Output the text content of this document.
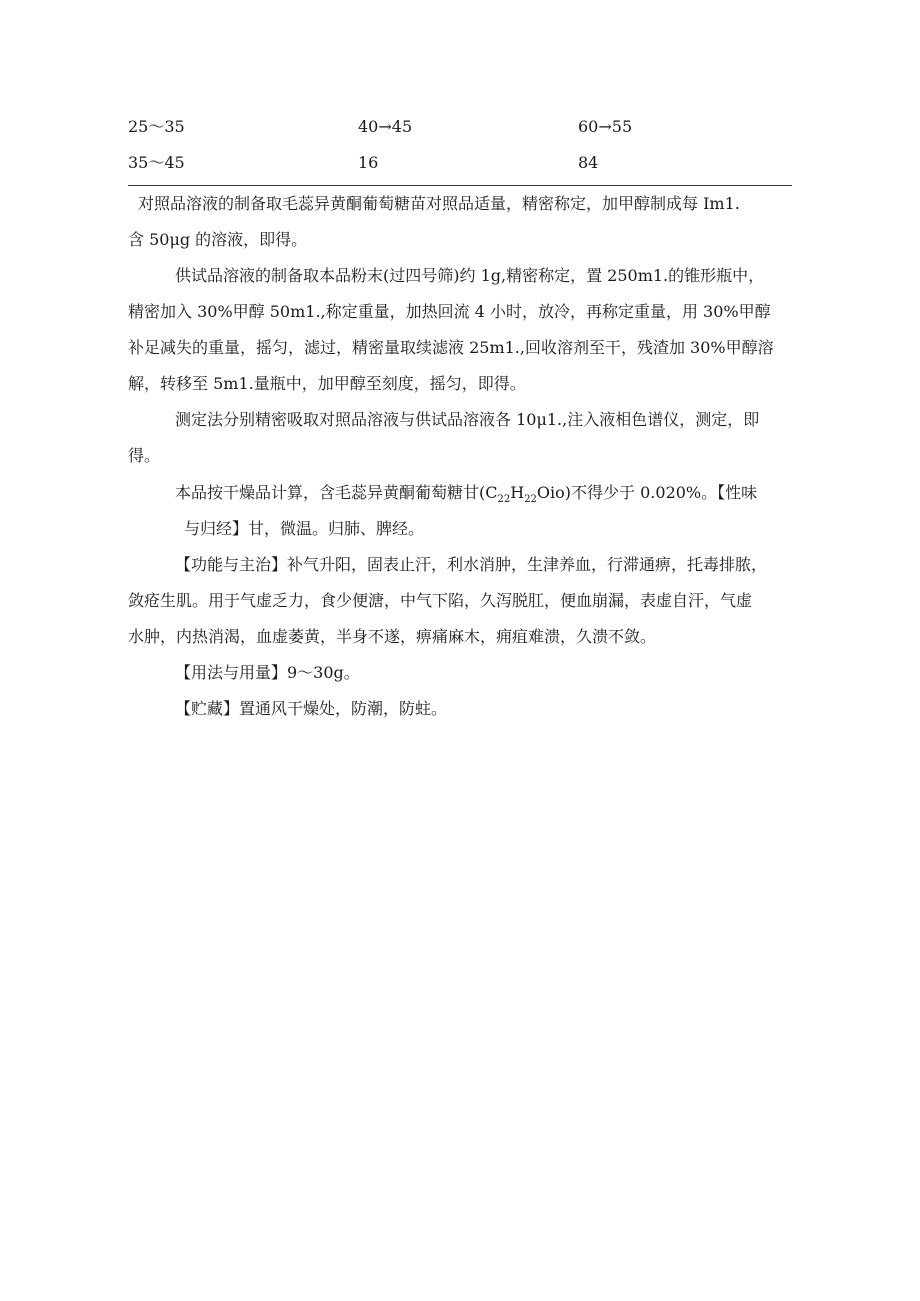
25～35	40→45	60→55
35～45	16	84
对照品溶液的制备取毛蕊异黄酮葡萄糖苗对照品适量，精密称定，加甲醇制成每 Im1.
含 50μg 的溶液，即得。
供试品溶液的制备取本品粉末(过四号筛)约 1g,精密称定，置 250m1.的锥形瓶中，
精密加入 30%甲醇 50m1.,称定重量，加热回流 4 小时，放冷，再称定重量，用 30%甲醇
补足减失的重量，摇匀，滤过，精密量取续滤液 25m1.,回收溶剂至干，残渣加 30%甲醇溶
解，转移至 5m1.量瓶中，加甲醇至刻度，摇匀，即得。
测定法分别精密吸取对照品溶液与供试品溶液各 10μ1.,注入液相色谱仪，测定，即
得。
本品按干燥品计算，含毛蕊异黄酮葡萄糖甘$(C_{22}H_{22}Oio)$不得少于 0.020%。【性味
与归经】甘，微温。归肺、脾经。
【功能与主治】补气升阳，固表止汗，利水消肿，生津养血，行滞通痹，托毒排脓，
敛疮生肌。用于气虚乏力，食少便溏，中气下陷，久泻脱肛，便血崩漏，表虚自汗，气虚
水肿，内热消渴，血虚萎黄，半身不遂，痹痛麻木，痈疽难溃，久溃不敛。
【用法与用量】9～30g。
【贮藏】置通风干燥处，防潮，防蛀。
